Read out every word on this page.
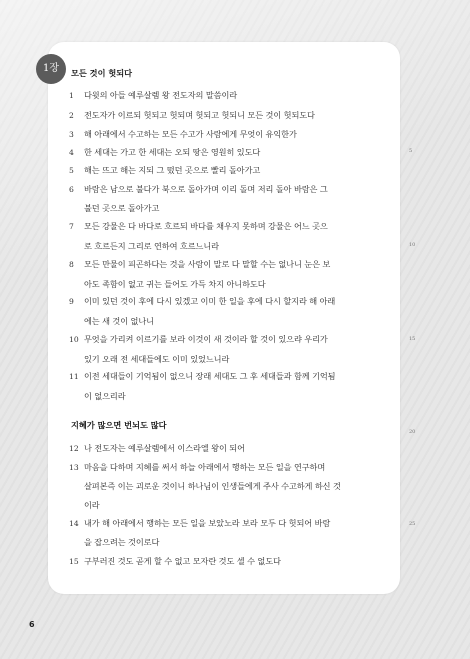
1장	모든 것이 헛되다
지혜가 많으면 번뇌도 많다
1	다윗의 아들 예루살렘 왕 전도자의 말씀이라
2	전도자가 이르되 헛되고 헛되며 헛되고 헛되니 모든 것이 헛되도다
3	해 아래에서 수고하는 모든 수고가 사람에게 무엇이 유익한가
4	한 세대는 가고 한 세대는 오되 땅은 영원히 있도다
5	해는 뜨고 해는 지되 그 떴던 곳으로 빨리 돌아가고
6	바람은 남으로 불다가 북으로 돌아가며 이리 돌며 저리 돌아 바람은 그
불던 곳으로 돌아가고
7	모든 강물은 다 바다로 흐르되 바다를 채우지 못하며 강물은 어느 곳으
로 흐르든지 그리로 연하여 흐르느니라
8	모든 만물이 피곤하다는 것을 사람이 말로 다 말할 수는 없나니 눈은 보
아도 족함이 없고 귀는 들어도 가득 차지 아니하도다
9	이미 있던 것이 후에 다시 있겠고 이미 한 일을 후에 다시 할지라 해 아래
에는 새 것이 없나니
10 무엇을 가리켜 이르기를 보라 이것이 새 것이라 할 것이 있으랴 우리가
있기 오래 전 세대들에도 이미 있었느니라
11 이전 세대들이 기억됨이 없으니 장래 세대도 그 후 세대들과 함께 기억됨
이 없으리라
12 나 전도자는 예루살렘에서 이스라엘 왕이 되어
13 마음을 다하며 지혜를 써서 하늘 아래에서 행하는 모든 일을 연구하며
살펴본즉 이는 괴로운 것이니 하나님이 인생들에게 주사 수고하게 하신 것
이라
14 내가 해 아래에서 행하는 모든 일을 보았노라 보라 모두 다 헛되어 바람
을 잡으려는 것이로다
15 구부러진 것도 곧게 할 수 없고 모자란 것도 셀 수 없도다
5
10
15
20
25
6
